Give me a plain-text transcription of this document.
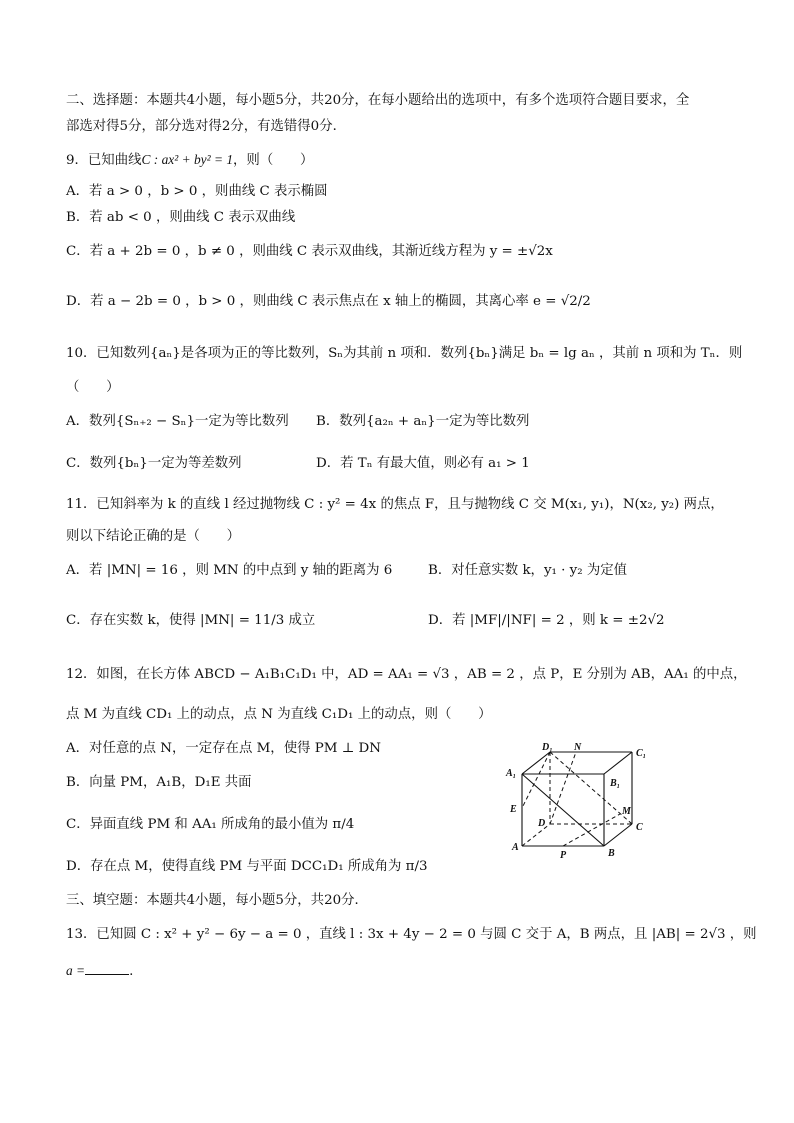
二、选择题：本题共4小题，每小题5分，共20分，在每小题给出的选项中，有多个选项符合题目要求，全
部选对得5分，部分选对得2分，有选错得0分．
9．已知曲线C : ax² + by² = 1，则（　　）
A．若 a > 0 ，b > 0 ，则曲线 C 表示椭圆
B．若 ab < 0 ，则曲线 C 表示双曲线
C．若 a + 2b = 0 ，b ≠ 0 ，则曲线 C 表示双曲线，其渐近线方程为 y = ±√2x
D．若 a − 2b = 0 ，b > 0 ，则曲线 C 表示焦点在 x 轴上的椭圆，其离心率 e = √2/2
10．已知数列{aₙ}是各项为正的等比数列，Sₙ为其前 n 项和．数列{bₙ}满足 bₙ = lg aₙ ，其前 n 项和为 Tₙ．则
（　　）
A．数列{Sₙ₊₂ − Sₙ}一定为等比数列 B．数列{a₂ₙ + aₙ}一定为等比数列
C．数列{bₙ}一定为等差数列	D．若 Tₙ 有最大值，则必有 a₁ > 1
11．已知斜率为 k 的直线 l 经过抛物线 C : y² = 4x 的焦点 F，且与抛物线 C 交 M(x₁, y₁)，N(x₂, y₂) 两点，
则以下结论正确的是（　　）
A．若 |MN| = 16 ，则 MN 的中点到 y 轴的距离为 6	B．对任意实数 k，y₁ · y₂ 为定值
C．存在实数 k，使得 |MN| = 11/3 成立	D．若 |MF|/|NF| = 2 ，则 k = ±2√2
12．如图，在长方体 ABCD − A₁B₁C₁D₁ 中，AD = AA₁ = √3 ，AB = 2 ，点 P，E 分别为 AB，AA₁ 的中点，
点 M 为直线 CD₁ 上的动点，点 N 为直线 C₁D₁ 上的动点，则（　　）
A．对任意的点 N，一定存在点 M，使得 PM ⊥ DN
B．向量 PM，A₁B，D₁E 共面
C．异面直线 PM 和 AA₁ 所成角的最小值为 π/4
D．存在点 M，使得直线 PM 与平面 DCC₁D₁ 所成角为 π/3
D₁ N
C₁
A₁
B₁
E
D
M
C
A
P	B
三、填空题：本题共4小题，每小题5分，共20分．
13．已知圆 C : x² + y² − 6y − a = 0 ，直线 l : 3x + 4y − 2 = 0 与圆 C 交于 A，B 两点，且 |AB| = 2√3 ，则
a =	.
